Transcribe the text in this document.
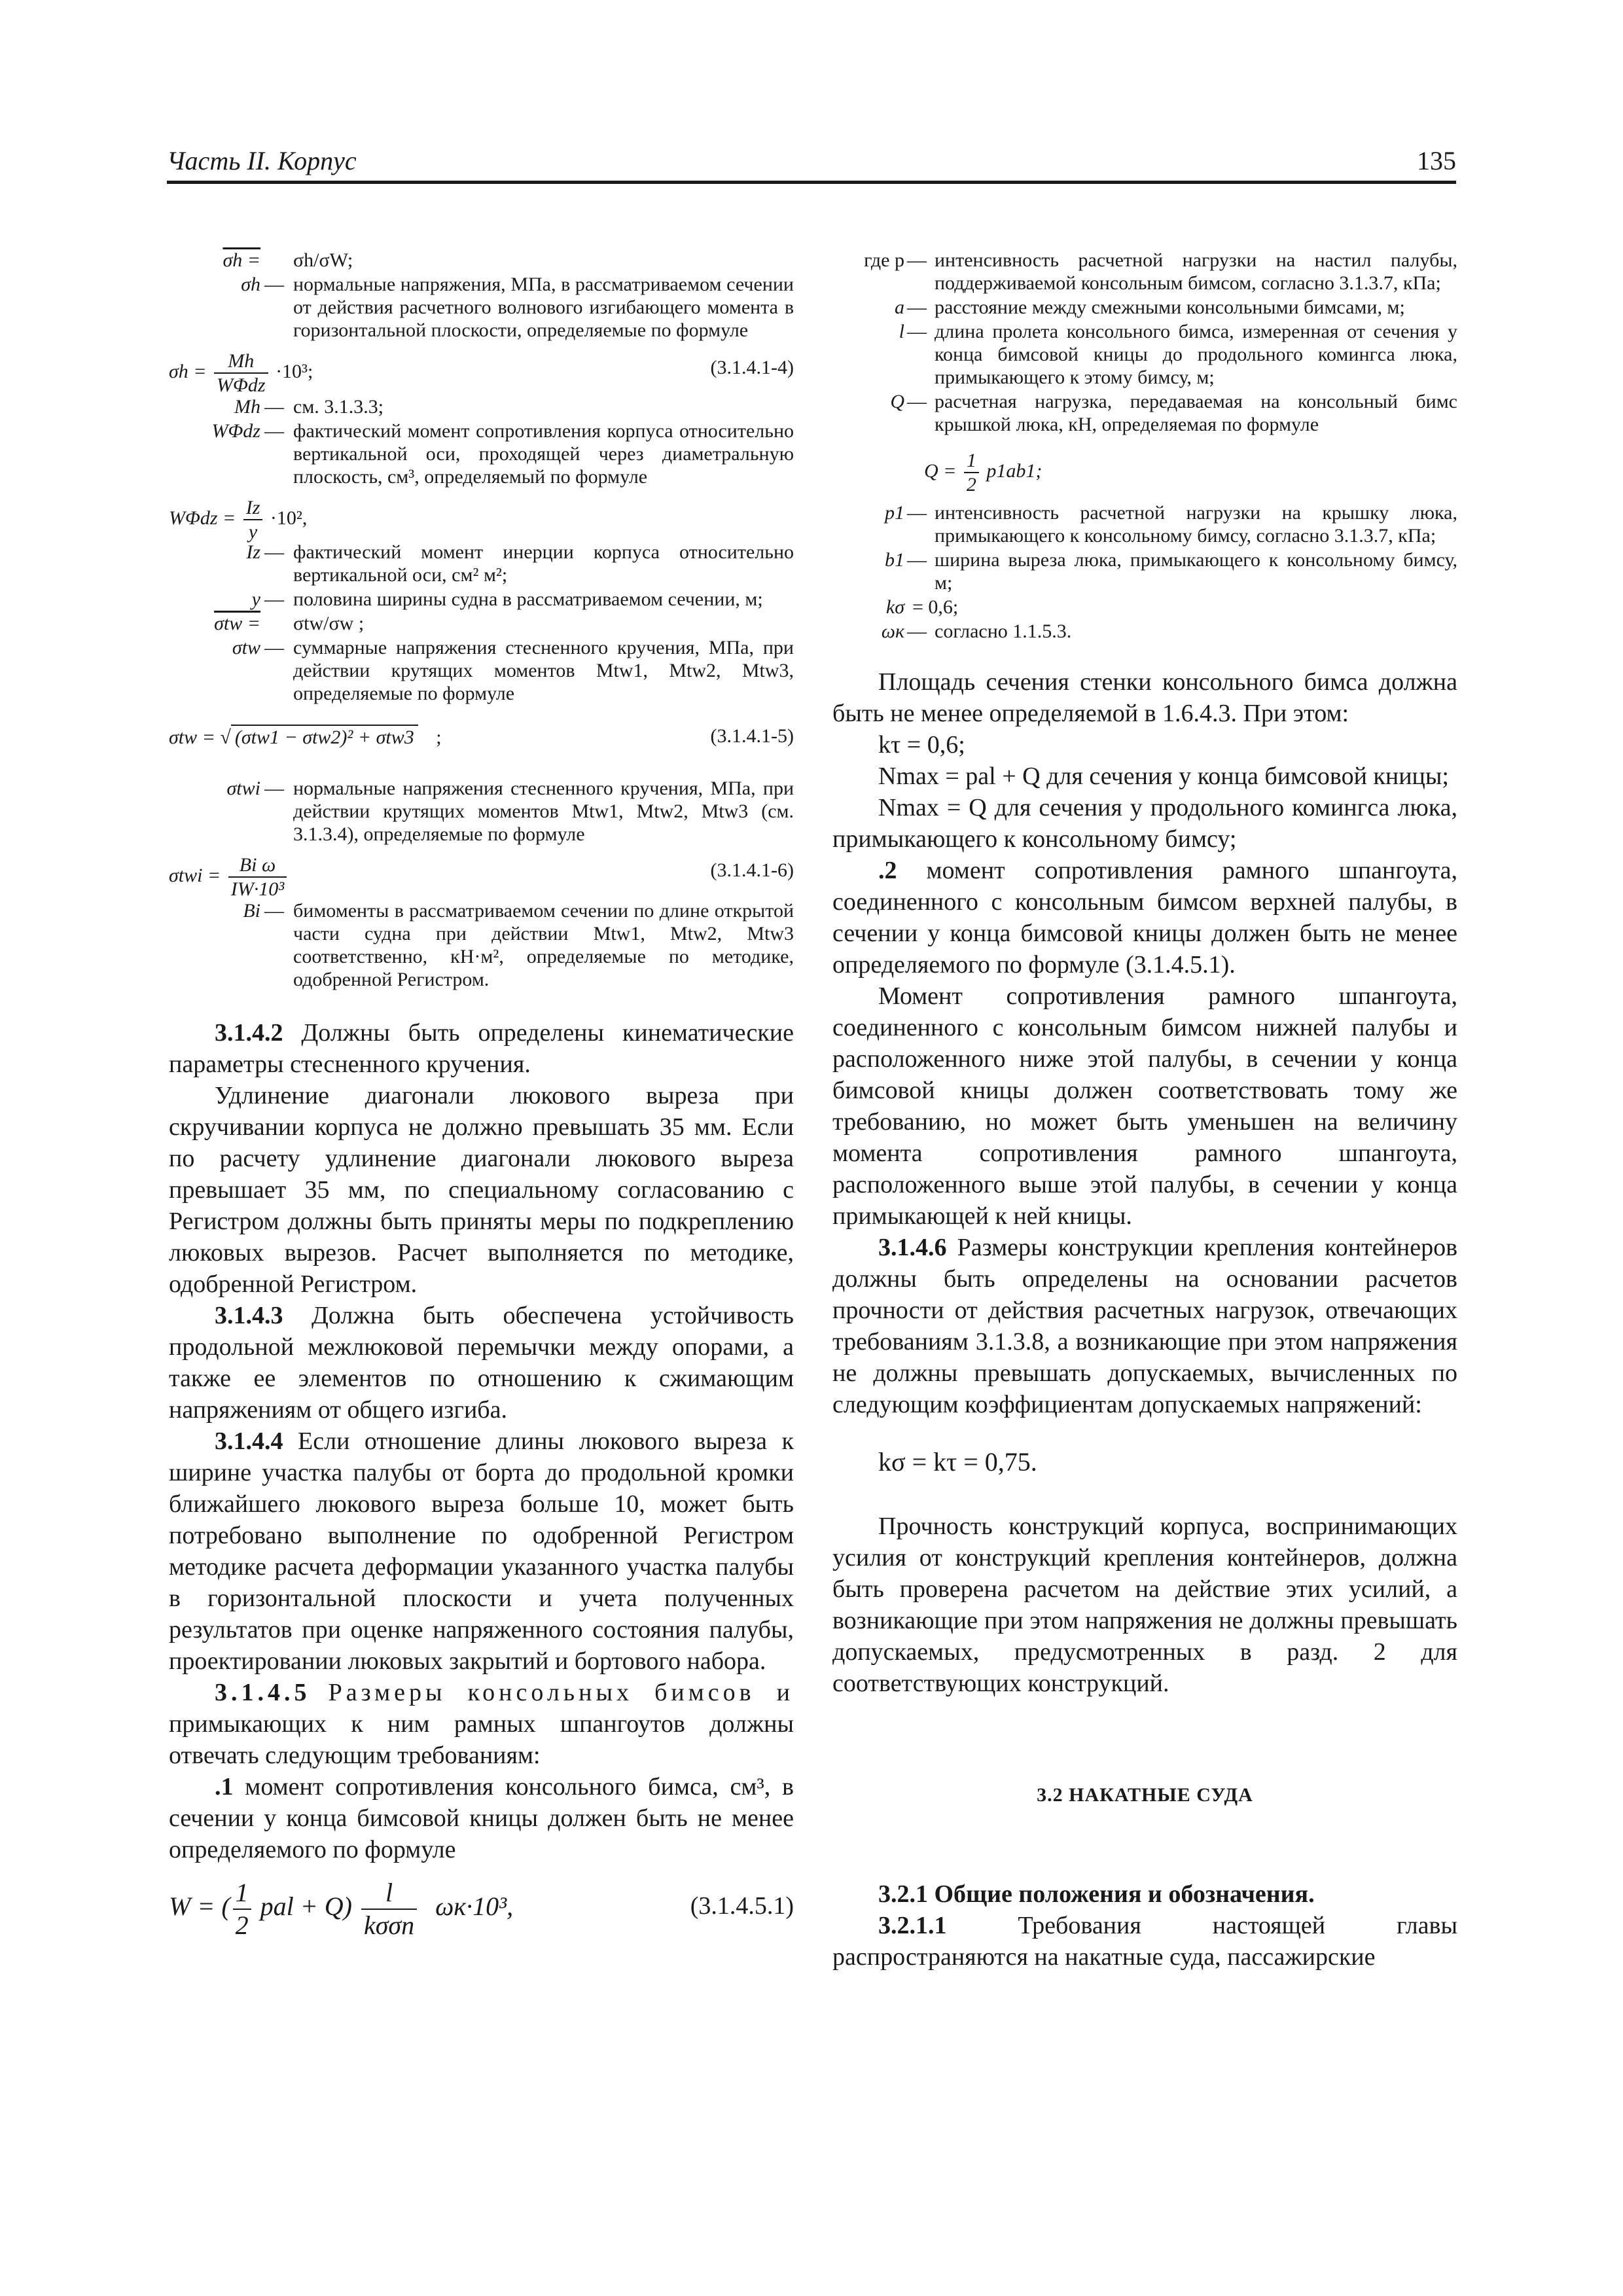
Часть II. Корпус	135
σh = σh/σW;
σh — нормальные напряжения, МПа, в рассматриваемом сечении от действия расчетного волнового изгибающего момента в горизонтальной плоскости, определяемые по формуле
$\sigma h = \frac{Mh}{\text{WΦdz}} \cdot 10^3$;	(3.1.4.1-4)
Mh — см. 3.1.3.3;
WΦdz — фактический момент сопротивления корпуса относительно вертикальной оси, проходящей через диаметральную плоскость, см³, определяемый по формуле
$W\Phi dz = \frac{Iz}{y} \cdot 10^2$,
Iz — фактический момент инерции корпуса относительно вертикальной оси, см² м²;
y — половина ширины судна в рассматриваемом сечении, м;
σtw = σtw/σw ;
σtw — суммарные напряжения стесненного кручения, МПа, при действии крутящих моментов Mtw1, Mtw2, Mtw3, определяемые по формуле
σtw = √ (σtw1 − σtw2)² + σtw3 ;	(3.1.4.1-5)
σtwi — нормальные напряжения стесненного кручения, МПа, при действии крутящих моментов Mtw1, Mtw2, Mtw3 (см. 3.1.3.4), определяемые по формуле
$\sigma twi = \frac{\text{Bi ω}}{\text{IW·10³}}$	(3.1.4.1-6)
Bi — бимоменты в рассматриваемом сечении по длине открытой части судна при действии Mtw1, Mtw2, Mtw3 соответственно, кН·м², определяемые по методике, одобренной Регистром.

3.1.4.2 Должны быть определены кинематические параметры стесненного кручения.

Удлинение диагонали люкового выреза при скручивании корпуса не должно превышать 35 мм. Если по расчету удлинение диагонали люкового выреза превышает 35 мм, по специальному согласованию с Регистром должны быть приняты меры по подкреплению люковых вырезов. Расчет выполняется по методике, одобренной Регистром.

3.1.4.3 Должна быть обеспечена устойчивость продольной межлюковой перемычки между опорами, а также ее элементов по отношению к сжимающим напряжениям от общего изгиба.

3.1.4.4 Если отношение длины люкового выреза к ширине участка палубы от борта до продольной кромки ближайшего люкового выреза больше 10, может быть потребовано выполнение по одобренной Регистром методике расчета деформации указанного участка палубы в горизонтальной плоскости и учета полученных результатов при оценке напряженного состояния палубы, проектировании люковых закрытий и бортового набора.

3.1.4.5 Размеры консольных бимсов и примыкающих к ним рамных шпангоутов должны отвечать следующим требованиям:

.1 момент сопротивления консольного бимса, см³, в сечении у конца бимсовой кницы должен быть не менее определяемого по формуле

W = ( $\frac{1}{2}$ pal + $Q) \frac{l}{\text{kσσn}} \omega к\cdot 10^3$,	(3.1.4.5.1)
где p — интенсивность расчетной нагрузки на настил палубы, поддерживаемой консольным бимсом, согласно 3.1.3.7, кПа;
a — расстояние между смежными консольными бимсами, м;
l — длина пролета консольного бимса, измеренная от сечения у конца бимсовой кницы до продольного комингса люка, примыкающего к этому бимсу, м;
Q — расчетная нагрузка, передаваемая на консольный бимс крышкой люка, кН, определяемая по формуле
$Q = \frac{1}{2} p1ab1$;
p1 — интенсивность расчетной нагрузки на крышку люка, примыкающего к консольному бимсу, согласно 3.1.3.7, кПа;
b1 — ширина выреза люка, примыкающего к консольному бимсу, м;
kσ = 0,6;
ωк — согласно 1.1.5.3.

Площадь сечения стенки консольного бимса должна быть не менее определяемой в 1.6.4.3. При этом:

kτ = 0,6;

Nmax = pal + Q для сечения у конца бимсовой кницы;

Nmax = Q для сечения у продольного комингса люка, примыкающего к консольному бимсу;

.2 момент сопротивления рамного шпангоута, соединенного с консольным бимсом верхней палубы, в сечении у конца бимсовой кницы должен быть не менее определяемого по формуле (3.1.4.5.1).

Момент сопротивления рамного шпангоута, соединенного с консольным бимсом нижней палубы и расположенного ниже этой палубы, в сечении у конца бимсовой кницы должен соответствовать тому же требованию, но может быть уменьшен на величину момента сопротивления рамного шпангоута, расположенного выше этой палубы, в сечении у конца примыкающей к ней кницы.

3.1.4.6 Размеры конструкции крепления контейнеров должны быть определены на основании расчетов прочности от действия расчетных нагрузок, отвечающих требованиям 3.1.3.8, а возникающие при этом напряжения не должны превышать допускаемых, вычисленных по следующим коэффициентам допускаемых напряжений:

kσ = kτ = 0,75.

Прочность конструкций корпуса, воспринимающих усилия от конструкций крепления контейнеров, должна быть проверена расчетом на действие этих усилий, а возникающие при этом напряжения не должны превышать допускаемых, предусмотренных в разд. 2 для соответствующих конструкций.

3.2 НАКАТНЫЕ СУДА
3.2.1 Общие положения и обозначения.

3.2.1.1	Требования настоящей главы распространяются на накатные суда, пассажирские
